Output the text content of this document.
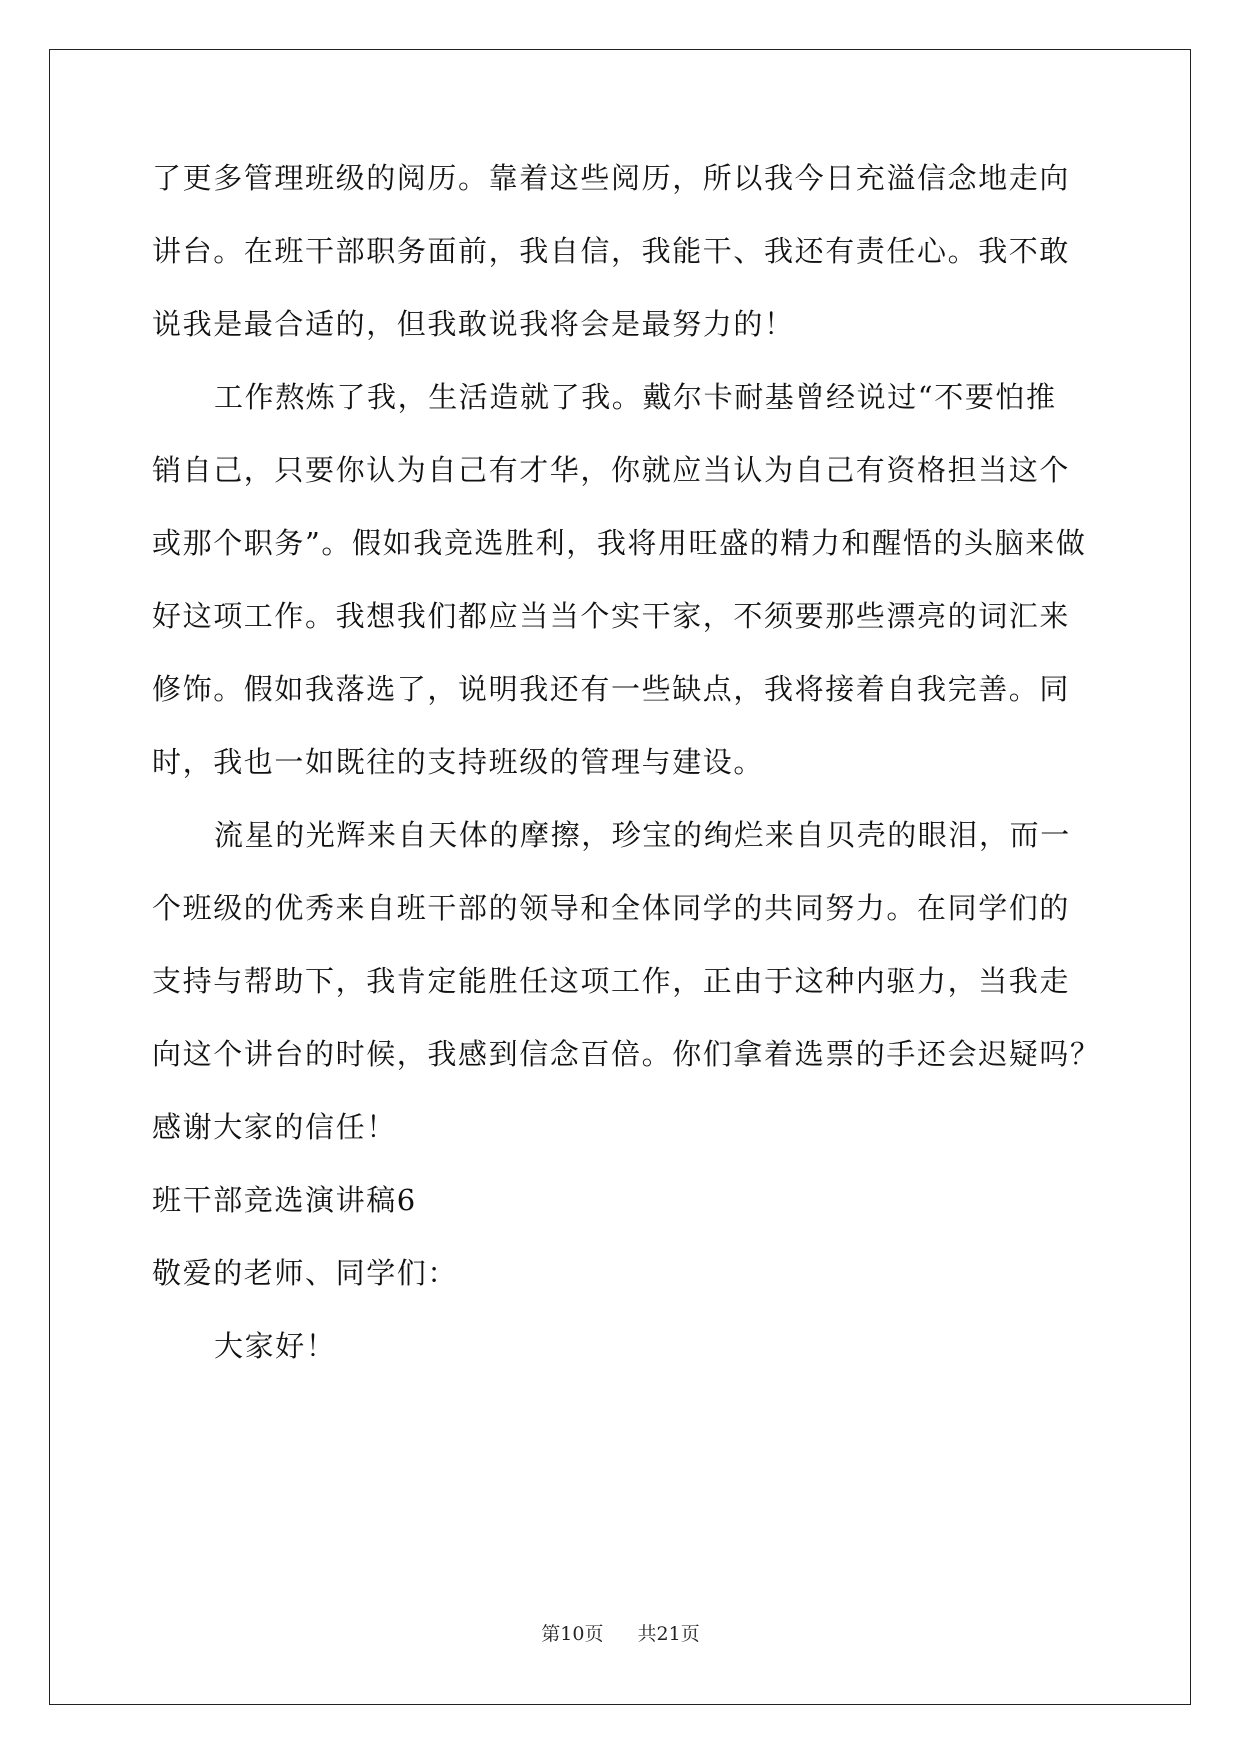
了更多管理班级的阅历。靠着这些阅历，所以我今日充溢信念地走向
讲台。在班干部职务面前，我自信，我能干、我还有责任心。我不敢
说我是最合适的，但我敢说我将会是最努力的！
工作熬炼了我，生活造就了我。戴尔卡耐基曾经说过“不要怕推
销自己，只要你认为自己有才华，你就应当认为自己有资格担当这个
或那个职务”。假如我竞选胜利，我将用旺盛的精力和醒悟的头脑来做
好这项工作。我想我们都应当当个实干家，不须要那些漂亮的词汇来
修饰。假如我落选了，说明我还有一些缺点，我将接着自我完善。同
时，我也一如既往的支持班级的管理与建设。
流星的光辉来自天体的摩擦，珍宝的绚烂来自贝壳的眼泪，而一
个班级的优秀来自班干部的领导和全体同学的共同努力。在同学们的
支持与帮助下，我肯定能胜任这项工作，正由于这种内驱力，当我走
向这个讲台的时候，我感到信念百倍。你们拿着选票的手还会迟疑吗？
感谢大家的信任！
班干部竞选演讲稿6
敬爱的老师、同学们：
大家好！
第10页 共21页
